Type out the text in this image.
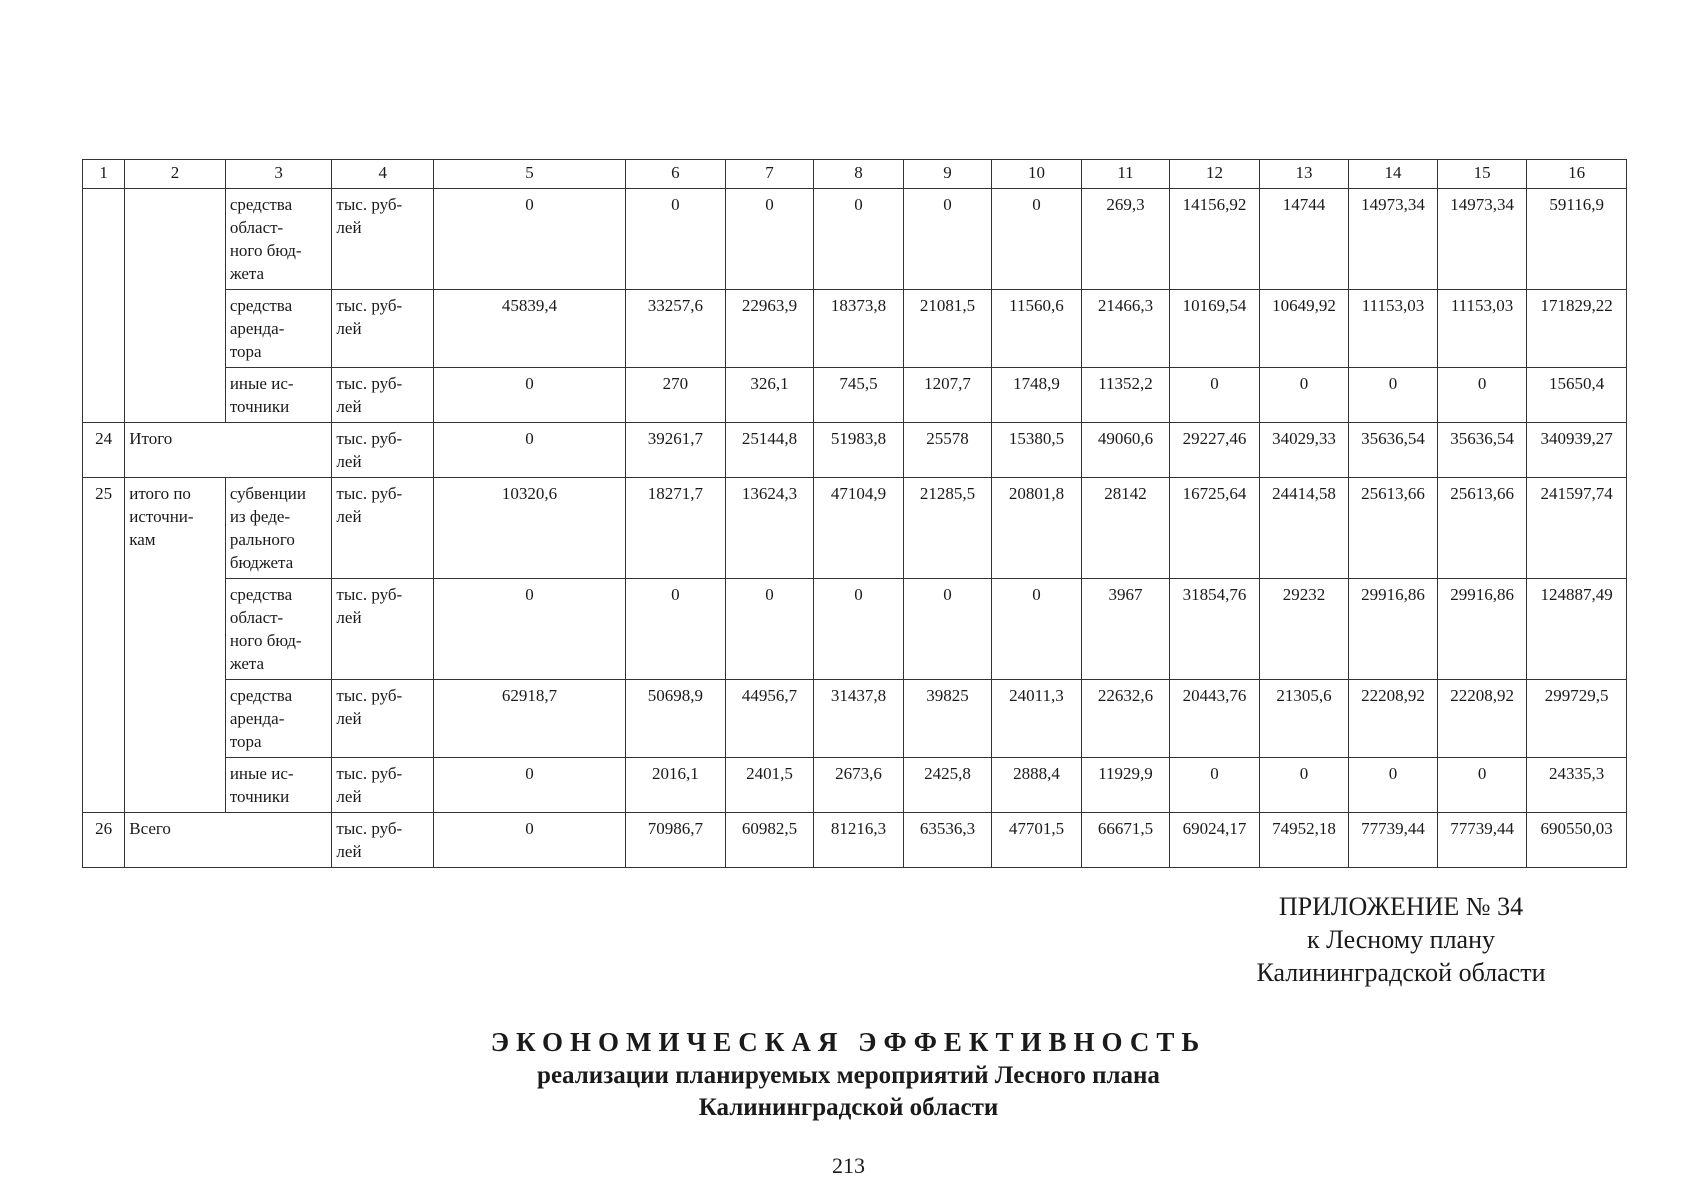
1	2	3	4	5	6	7	8	9	10	11	12	13	14	15	16
		средства
област-
ного бюд-
жета	тыс. руб-
лей	0	0	0	0	0	0	269,3	14156,92	14744	14973,34	14973,34	59116,9
		средства
аренда-
тора	тыс. руб-
лей	45839,4	33257,6	22963,9	18373,8	21081,5	11560,6	21466,3	10169,54	10649,92	11153,03	11153,03	171829,22
		иные ис-
точники	тыс. руб-
лей	0	270	326,1	745,5	1207,7	1748,9	11352,2	0	0	0	0	15650,4
24	Итого		тыс. руб-
лей	0	39261,7	25144,8	51983,8	25578	15380,5	49060,6	29227,46	34029,33	35636,54	35636,54	340939,27
25	итого по
источни-
кам	субвенции
из феде-
рального
бюджета	тыс. руб-
лей	10320,6	18271,7	13624,3	47104,9	21285,5	20801,8	28142	16725,64	24414,58	25613,66	25613,66	241597,74
		средства
област-
ного бюд-
жета	тыс. руб-
лей	0	0	0	0	0	0	3967	31854,76	29232	29916,86	29916,86	124887,49
		средства
аренда-
тора	тыс. руб-
лей	62918,7	50698,9	44956,7	31437,8	39825	24011,3	22632,6	20443,76	21305,6	22208,92	22208,92	299729,5
		иные ис-
точники	тыс. руб-
лей	0	2016,1	2401,5	2673,6	2425,8	2888,4	11929,9	0	0	0	0	24335,3
26	Всего		тыс. руб-
лей	0	70986,7	60982,5	81216,3	63536,3	47701,5	66671,5	69024,17	74952,18	77739,44	77739,44	690550,03
ПРИЛОЖЕНИЕ № 34
к Лесному плану
Калининградской области
ЭКОНОМИЧЕСКАЯ ЭФФЕКТИВНОСТЬ
реализации планируемых мероприятий Лесного плана
Калининградской области
213
